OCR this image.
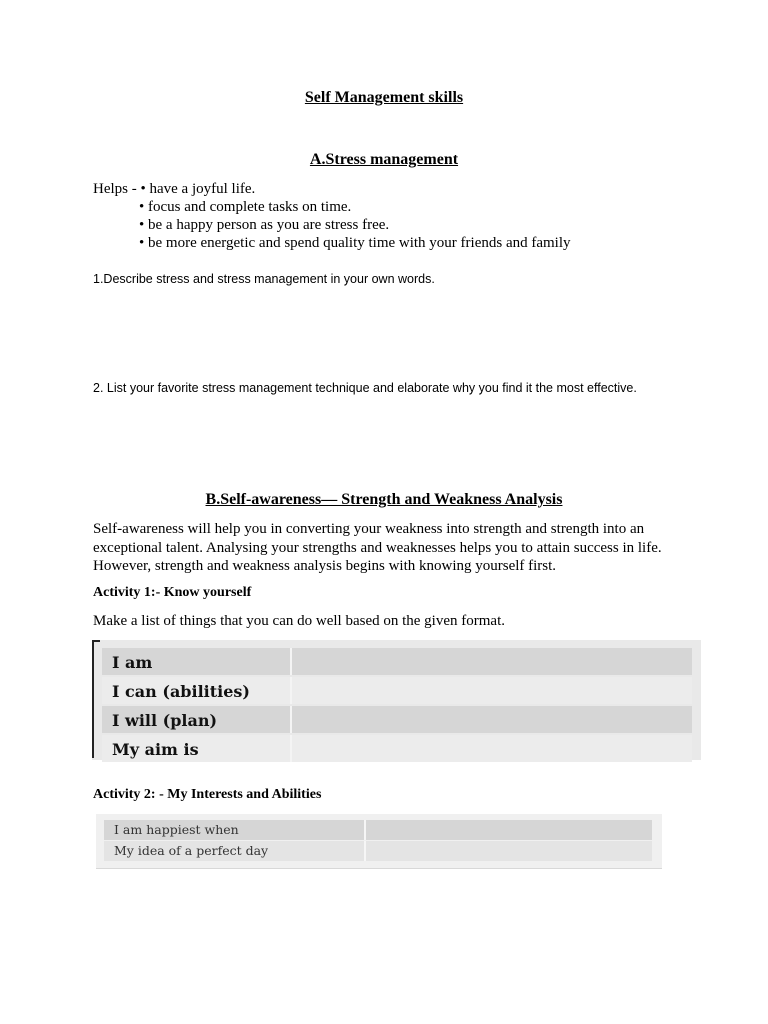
Self Management skills
A.Stress management
Helps - • have a joyful life.
• focus and complete tasks on time.
• be a happy person as you are stress free.
• be more energetic and spend quality time with your friends and family
1.Describe stress and stress management in your own words.
2. List your favorite stress management technique and elaborate why you find it the most effective.
B.Self-awareness— Strength and Weakness Analysis
Self-awareness will help you in converting your weakness into strength and strength into an exceptional talent. Analysing your strengths and weaknesses helps you to attain success in life. However, strength and weakness analysis begins with knowing yourself first.
Activity 1:- Know yourself
Make a list of things that you can do well based on the given format.
I am
I can (abilities)
I will (plan)
My aim is
Activity 2: - My Interests and Abilities
I am happiest when
My idea of a perfect day
